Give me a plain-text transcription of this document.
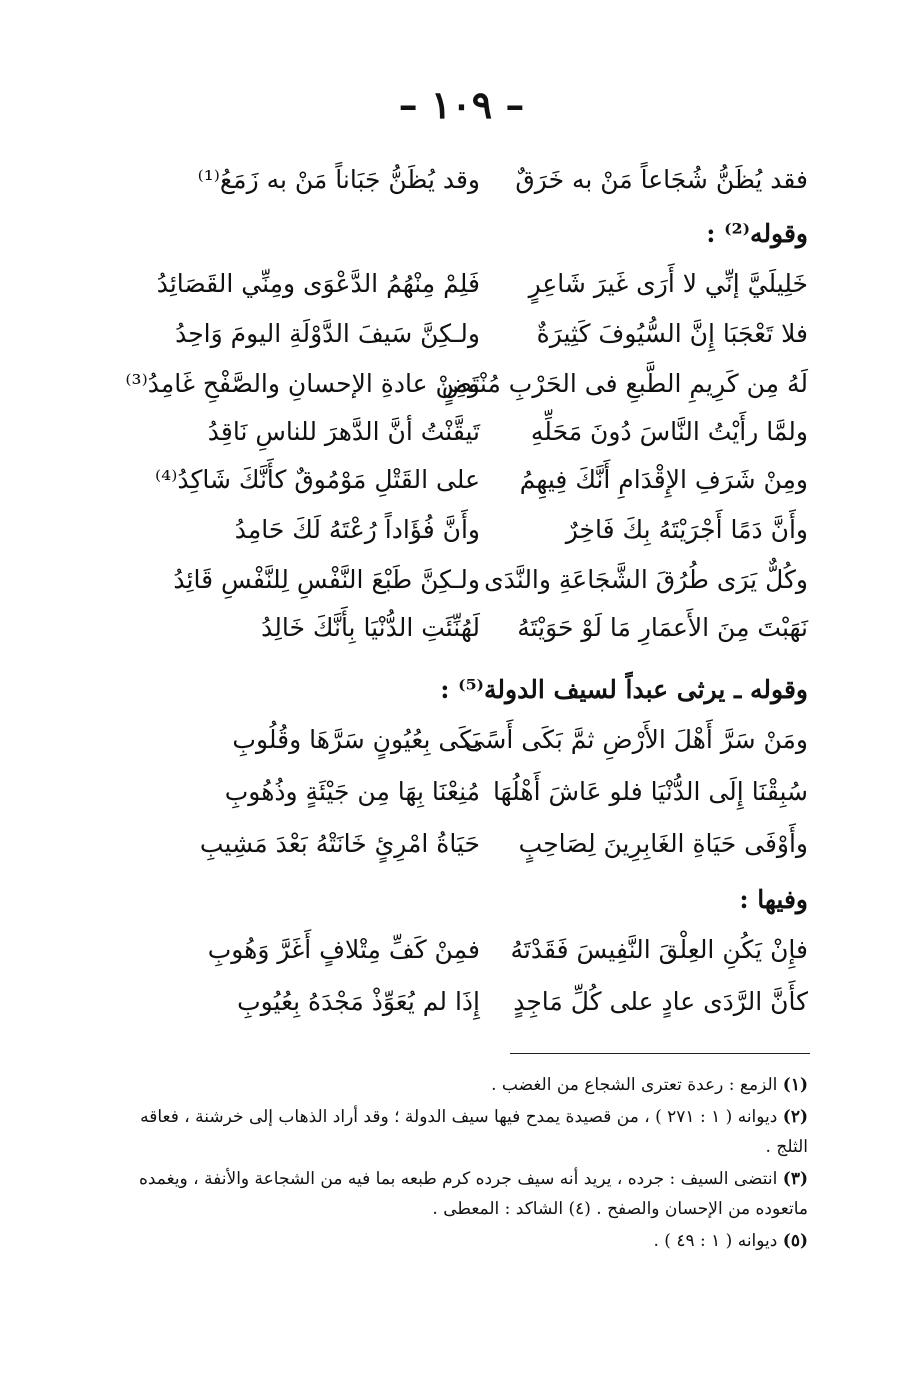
– ١٠٩ –
فقد يُظَنُّ شُجَاعاً مَنْ به خَرَقٌ
وقد يُظَنُّ جَبَاناً مَنْ به زَمَعُ⁽¹⁾
وقوله⁽²⁾ :
خَلِيلَيَّ إنِّي لا أَرَى غَيرَ شَاعِرٍ
فَلِمْ مِنْهُمُ الدَّعْوَى ومِنِّي القَصَائِدُ
فلا تَعْجَبَا إِنَّ السُّيُوفَ كَثِيرَةٌ
ولـكِنَّ سَيفَ الدَّوْلَةِ اليومَ وَاحِدُ
لَهُ مِن كَرِيمِ الطَّبعِ فى الحَرْبِ مُنْتَضٍ
ومِنْ عادةِ الإحسانِ والصَّفْحِ غَامِدُ⁽³⁾
ولمَّا رأَيْتُ النَّاسَ دُونَ مَحَلِّهِ
تَيقَّنْتُ أنَّ الدَّهرَ للناسِ نَاقِدُ
ومِنْ شَرَفِ الإِقْدَامِ أَنَّكَ فِيهِمُ
على القَتْلِ مَوْمُوقٌ كأَنَّكَ شَاكِدُ⁽⁴⁾
وأَنَّ دَمًا أَجْرَيْتَهُ بِكَ فَاخِرٌ
وأَنَّ فُؤَاداً رُعْتَهُ لَكَ حَامِدُ
وكُلٌّ يَرَى طُرُقَ الشَّجَاعَةِ والنَّدَى
ولـكِنَّ طَبْعَ النَّفْسِ لِلنَّفْسِ قَائِدُ
نَهَبْتَ مِنَ الأَعمَارِ مَا لَوْ حَوَيْتَهُ
لَهُنِّئَتِ الدُّنْيَا بِأَنَّكَ خَالِدُ
وقوله ـ يرثى عبداً لسيف الدولة⁽⁵⁾ :
ومَنْ سَرَّ أَهْلَ الأَرْضِ ثمَّ بَكَى أَسًى
بَكَى بِعُيُونٍ سَرَّهَا وقُلُوبِ
سُبِقْنَا إِلَى الدُّنْيَا فلو عَاشَ أَهْلُهَا
مُنِعْنَا بِهَا مِن جَيْئَةٍ وذُهُوبِ
وأَوْفَى حَيَاةِ الغَابِرِينَ لِصَاحِبٍ
حَيَاةُ امْرِئٍ خَانَتْهُ بَعْدَ مَشِيبِ
وفيها :
فإِنْ يَكُنِ العِلْقَ النَّفِيسَ فَقَدْتَهُ
فمِنْ كَفِّ مِتْلافٍ أَغَرَّ وَهُوبِ
كأَنَّ الرَّدَى عادٍ على كُلِّ مَاجِدٍ
إِذَا لم يُعَوِّذْ مَجْدَهُ بِعُيُوبِ

(١) الزمع : رعدة تعترى الشجاع من الغضب .

(٢) ديوانه ( ١ : ٢٧١ ) ، من قصيدة يمدح فيها سيف الدولة ؛ وقد أراد الذهاب إلى خرشنة ، فعاقه الثلج .

(٣) انتضى السيف : جرده ، يريد أنه سيف جرده كرم طبعه بما فيه من الشجاعة والأنفة ، ويغمده ماتعوده من الإحسان والصفح . (٤) الشاكد : المعطى .

(٥) ديوانه ( ١ : ٤٩ ) .
